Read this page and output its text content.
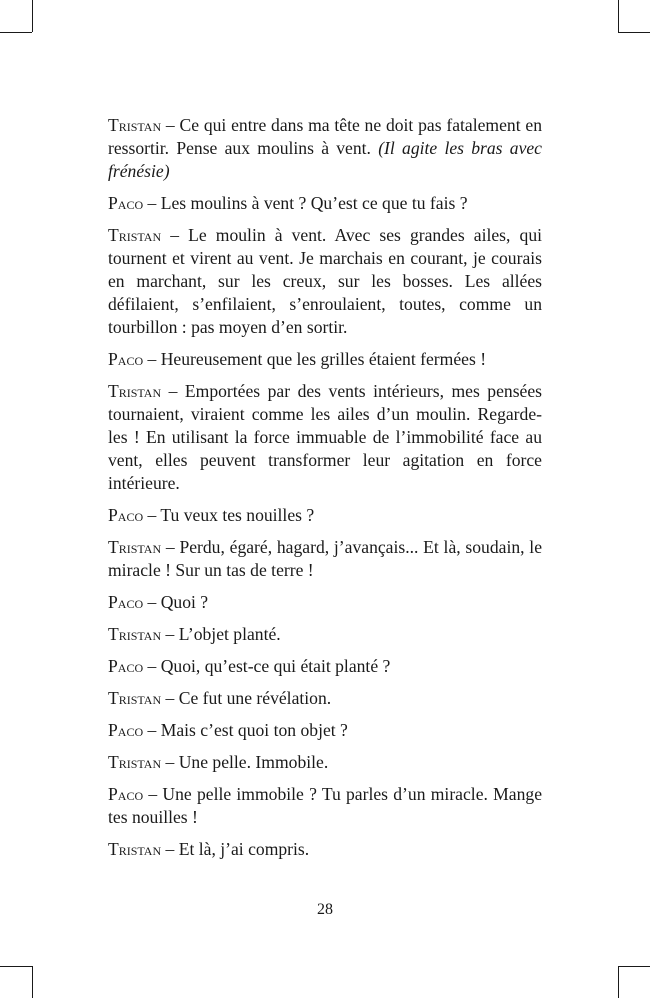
Tristan – Ce qui entre dans ma tête ne doit pas fatalement en ressortir. Pense aux moulins à vent. (Il agite les bras avec frénésie)

Paco – Les moulins à vent ? Qu’est ce que tu fais ?

Tristan – Le moulin à vent. Avec ses grandes ailes, qui tournent et virent au vent. Je marchais en courant, je courais en marchant, sur les creux, sur les bosses. Les allées défilaient, s’enfilaient, s’enroulaient, toutes, comme un tourbillon : pas moyen d’en sortir.

Paco – Heureusement que les grilles étaient fermées !

Tristan – Emportées par des vents intérieurs, mes pensées tournaient, viraient comme les ailes d’un moulin. Regarde-les ! En utilisant la force immuable de l’immobilité face au vent, elles peuvent transformer leur agitation en force intérieure.

Paco – Tu veux tes nouilles ?

Tristan – Perdu, égaré, hagard, j’avançais... Et là, soudain, le miracle ! Sur un tas de terre !

Paco – Quoi ?

Tristan – L’objet planté.

Paco – Quoi, qu’est-ce qui était planté ?

Tristan – Ce fut une révélation.

Paco – Mais c’est quoi ton objet ?

Tristan – Une pelle. Immobile.

Paco – Une pelle immobile ? Tu parles d’un miracle. Mange tes nouilles !

Tristan – Et là, j’ai compris.

28
